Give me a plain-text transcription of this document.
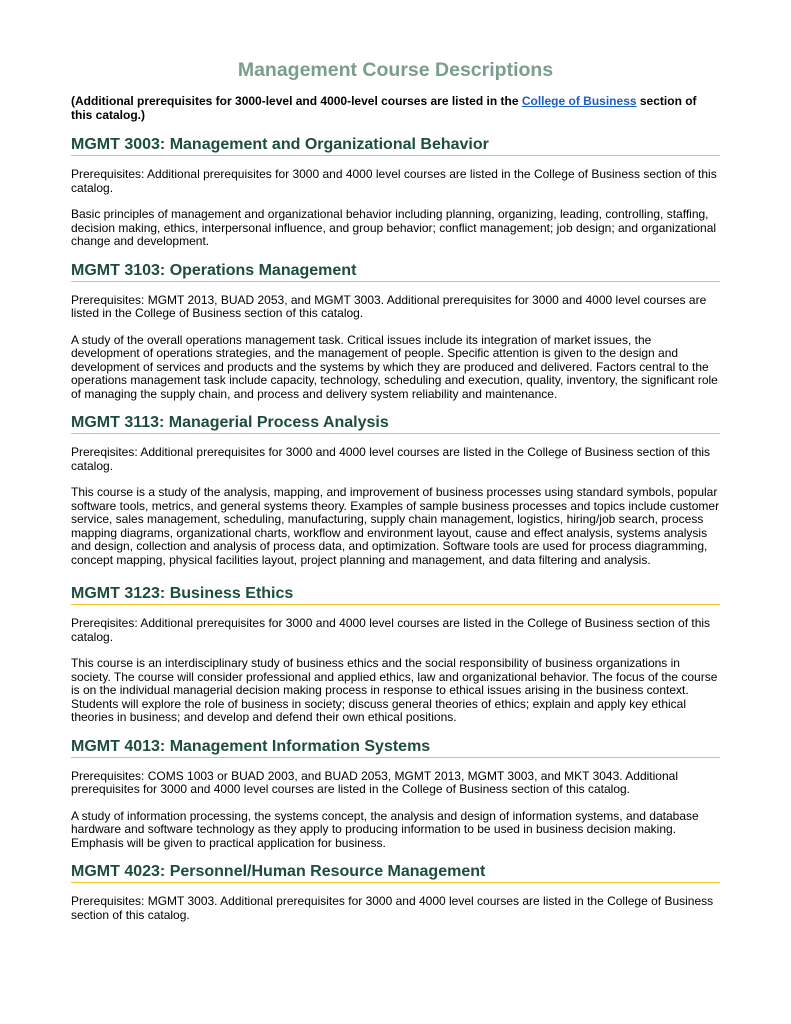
Management Course Descriptions

(Additional prerequisites for 3000-level and 4000-level courses are listed in the College of Business section of this catalog.)

MGMT 3003: Management and Organizational Behavior

Prerequisites: Additional prerequisites for 3000 and 4000 level courses are listed in the College of Business section of this catalog.

Basic principles of management and organizational behavior including planning, organizing, leading, controlling, staffing, decision making, ethics, interpersonal influence, and group behavior; conflict management; job design; and organizational change and development.

MGMT 3103: Operations Management

Prerequisites: MGMT 2013, BUAD 2053, and MGMT 3003. Additional prerequisites for 3000 and 4000 level courses are listed in the College of Business section of this catalog.

A study of the overall operations management task. Critical issues include its integration of market issues, the development of operations strategies, and the management of people. Specific attention is given to the design and development of services and products and the systems by which they are produced and delivered. Factors central to the operations management task include capacity, technology, scheduling and execution, quality, inventory, the significant role of managing the supply chain, and process and delivery system reliability and maintenance.

MGMT 3113: Managerial Process Analysis

Prereqisites: Additional prerequisites for 3000 and 4000 level courses are listed in the College of Business section of this catalog.

This course is a study of the analysis, mapping, and improvement of business processes using standard symbols, popular software tools, metrics, and general systems theory. Examples of sample business processes and topics include customer service, sales management, scheduling, manufacturing, supply chain management, logistics, hiring/job search, process mapping diagrams, organizational charts, workflow and environment layout, cause and effect analysis, systems analysis and design, collection and analysis of process data, and optimization. Software tools are used for process diagramming, concept mapping, physical facilities layout, project planning and management, and data filtering and analysis.

MGMT 3123: Business Ethics

Prereqisites: Additional prerequisites for 3000 and 4000 level courses are listed in the College of Business section of this catalog.

This course is an interdisciplinary study of business ethics and the social responsibility of business organizations in society. The course will consider professional and applied ethics, law and organizational behavior. The focus of the course is on the individual managerial decision making process in response to ethical issues arising in the business context. Students will explore the role of business in society; discuss general theories of ethics; explain and apply key ethical theories in business; and develop and defend their own ethical positions.

MGMT 4013: Management Information Systems

Prerequisites: COMS 1003 or BUAD 2003, and BUAD 2053, MGMT 2013, MGMT 3003, and MKT 3043. Additional prerequisites for 3000 and 4000 level courses are listed in the College of Business section of this catalog.

A study of information processing, the systems concept, the analysis and design of information systems, and database hardware and software technology as they apply to producing information to be used in business decision making. Emphasis will be given to practical application for business.

MGMT 4023: Personnel/Human Resource Management

Prerequisites: MGMT 3003. Additional prerequisites for 3000 and 4000 level courses are listed in the College of Business section of this catalog.
